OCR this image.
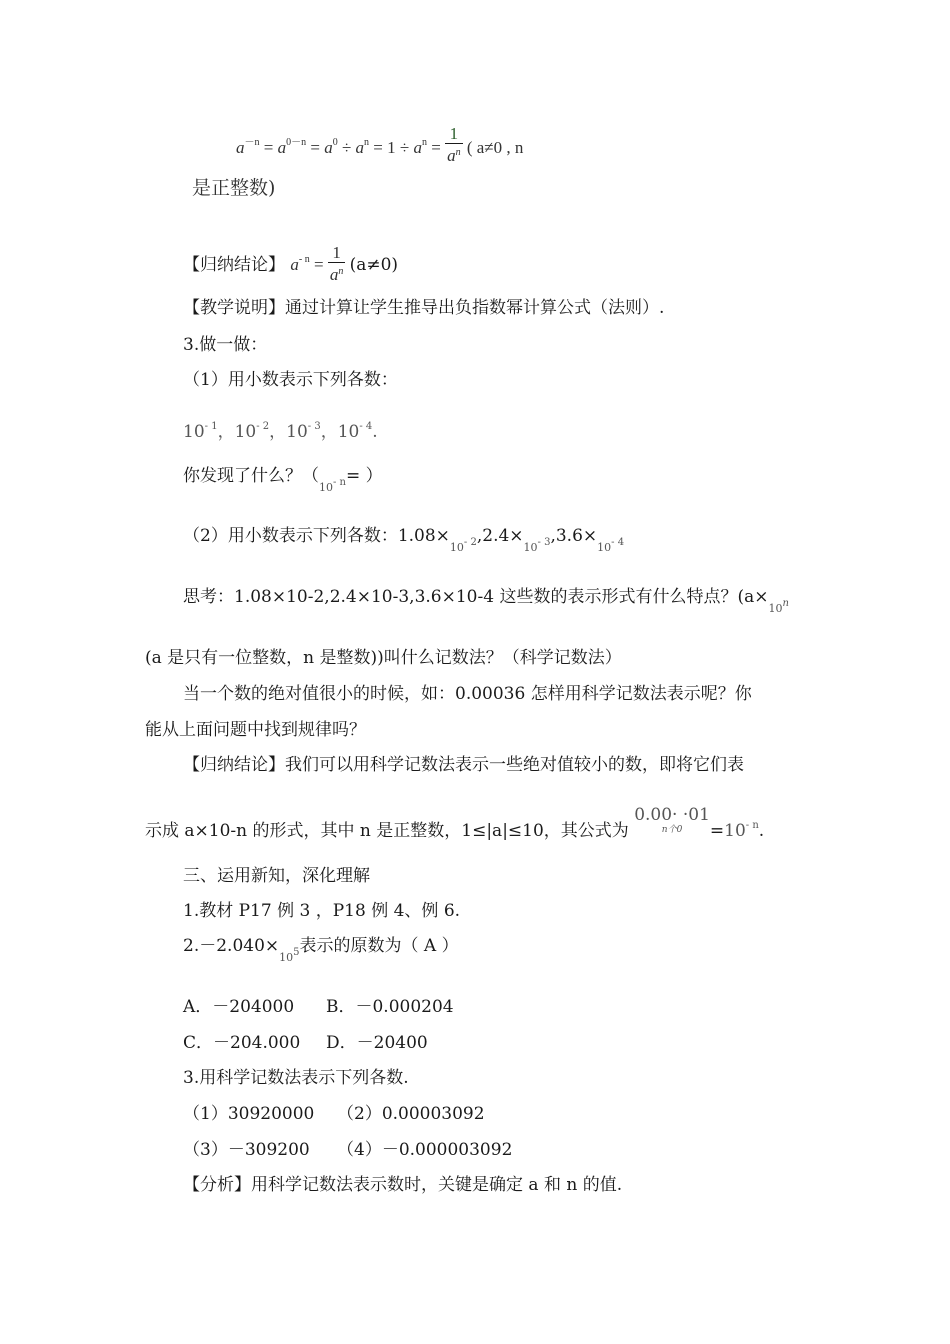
$a^{-n} = a^{0-n} = a^0 \div a^n = 1 \div a^n = \frac{1}{a^n}$ ( a≠0 , n
是正整数)
【归纳结论】 $a^{- n} = \frac{1}{a^n} (a\ne 0)$
【教学说明】通过计算让学生推导出负指数幂计算公式（法则）.
3.做一做：
（1）用小数表示下列各数：
$10^{- 1}$，$10^{- 2}$，$10^{- 3}$，$10^{- 4}$.
你发现了什么？（$_{10- n}=$ ）
（2）用小数表示下列各数：$1.08\times_{10- 2},2.4\times_{10- 3},3.6\times_{10- 4}$
思考：1.08×10-2,2.4×10-3,3.6×10-4 这些数的表示形式有什么特点？($a\times_{10n}$
(a 是只有一位整数，n 是整数))叫什么记数法？（科学记数法）
当一个数的绝对值很小的时候，如：0.00036 怎样用科学记数法表示呢？你
能从上面问题中找到规律吗？
【归纳结论】我们可以用科学记数法表示一些绝对值较小的数，即将它们表
示成 a×10-n 的形式，其中 n 是正整数，1≤|a|≤10，其公式为
0.00· ·01
n个0	$=10^{- n}$.
三、运用新知，深化理解
1.教材 P17 例 3 ，P18 例 4、例 6.
$2.-2.040\times_{105}$表示的原数为（ A ）
A．－204000 B．－0.000204
C．－204.000 D．－20400
3.用科学记数法表示下列各数.
（1）30920000 （2）0.00003092
（3）－309200 （4）－0.000003092
【分析】用科学记数法表示数时，关键是确定 a 和 n 的值.
